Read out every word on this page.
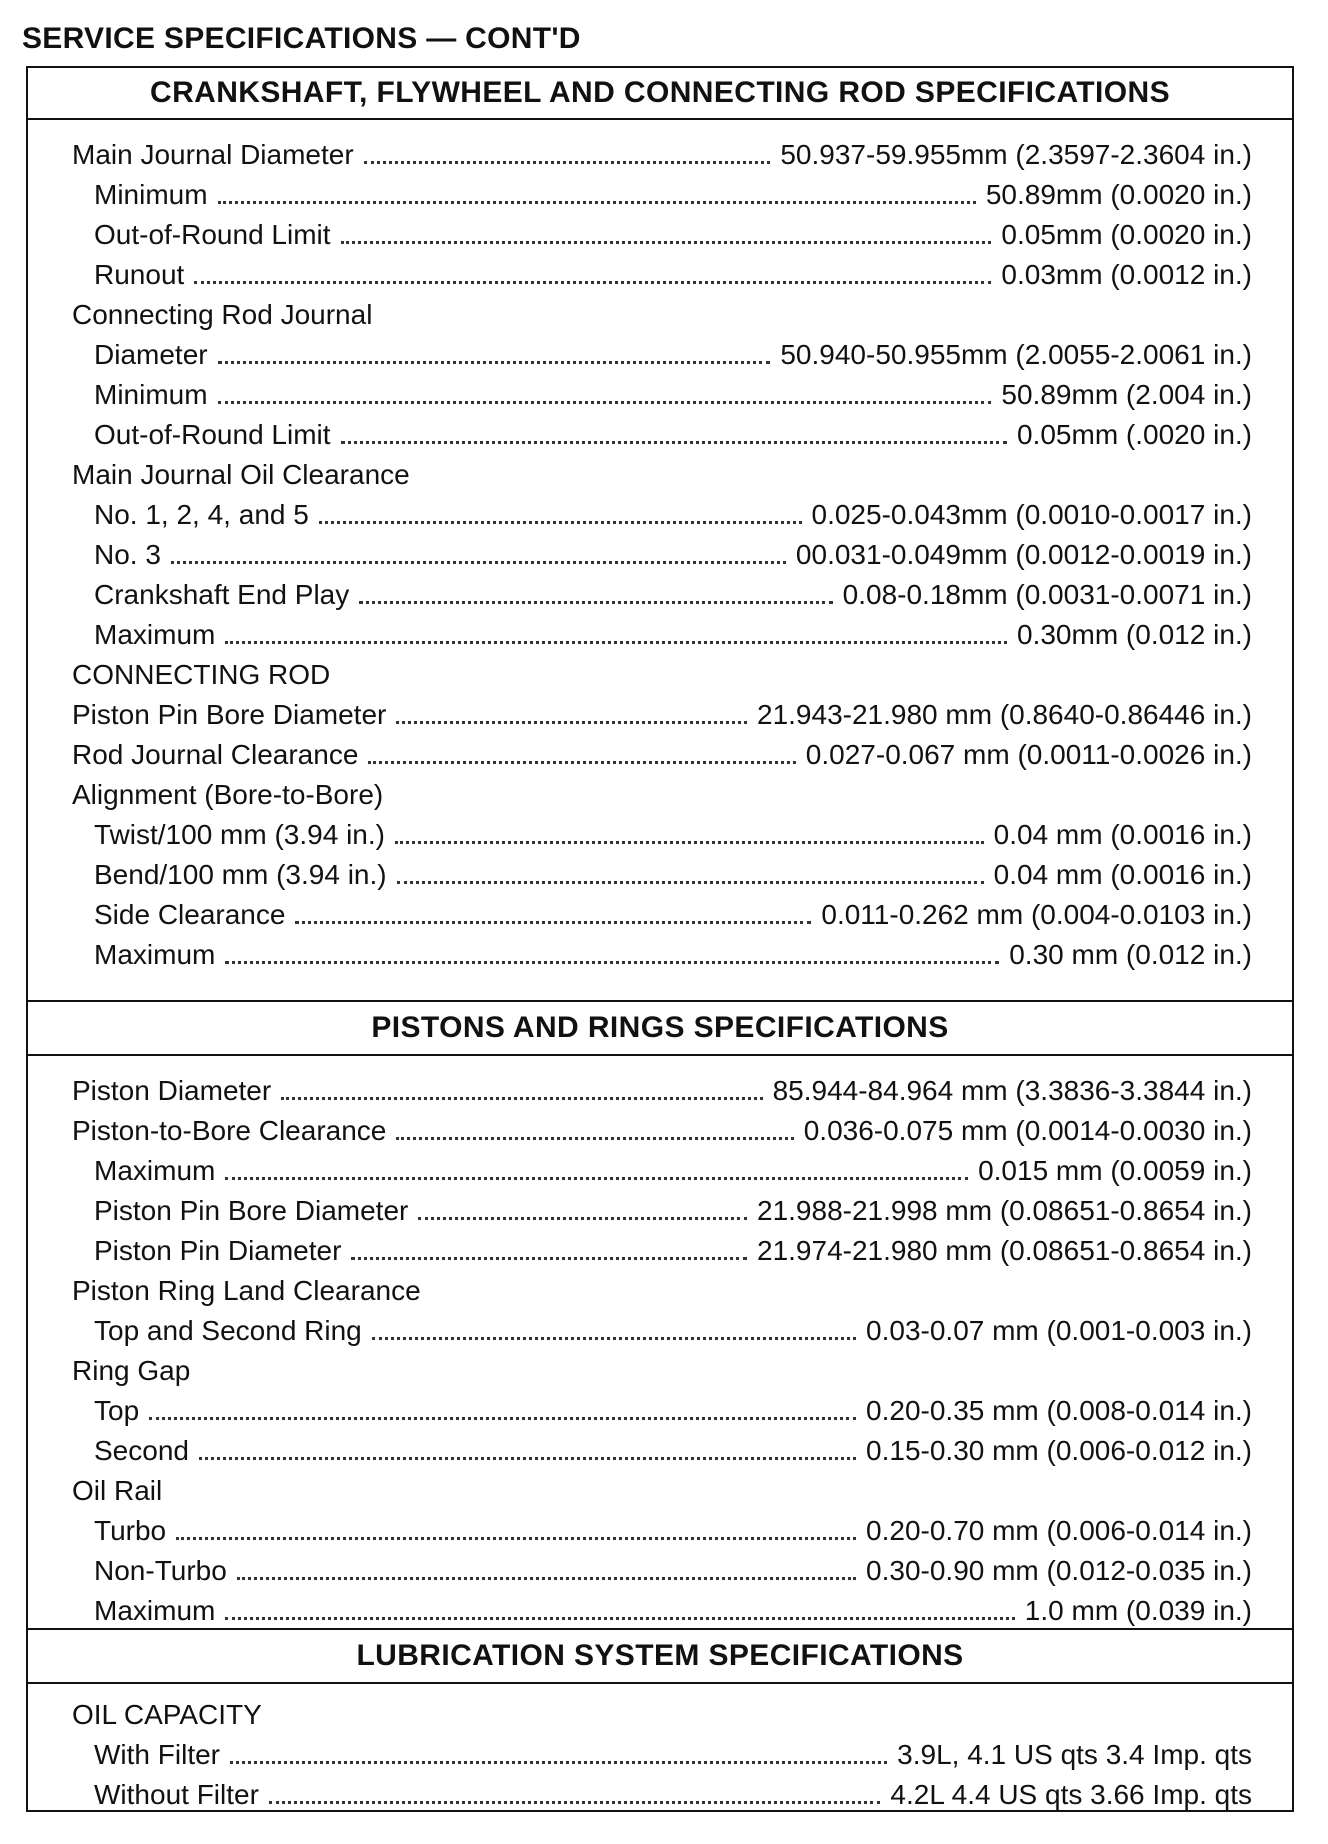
SERVICE SPECIFICATIONS — CONT'D
CRANKSHAFT, FLYWHEEL AND CONNECTING ROD SPECIFICATIONS
Main Journal Diameter	50.937-59.955mm (2.3597-2.3604 in.)
Minimum	50.89mm (0.0020 in.)
Out-of-Round Limit	0.05mm (0.0020 in.)
Runout	0.03mm (0.0012 in.)
Connecting Rod Journal
Diameter	50.940-50.955mm (2.0055-2.0061 in.)
Minimum	50.89mm (2.004 in.)
Out-of-Round Limit	0.05mm (.0020 in.)
Main Journal Oil Clearance
No. 1, 2, 4, and 5	0.025-0.043mm (0.0010-0.0017 in.)
No. 3	00.031-0.049mm (0.0012-0.0019 in.)
Crankshaft End Play	0.08-0.18mm (0.0031-0.0071 in.)
Maximum	0.30mm (0.012 in.)
CONNECTING ROD
Piston Pin Bore Diameter	21.943-21.980 mm (0.8640-0.86446 in.)
Rod Journal Clearance	0.027-0.067 mm (0.0011-0.0026 in.)
Alignment (Bore-to-Bore)
Twist/100 mm (3.94 in.)	0.04 mm (0.0016 in.)
Bend/100 mm (3.94 in.)	0.04 mm (0.0016 in.)
Side Clearance	0.011-0.262 mm (0.004-0.0103 in.)
Maximum	0.30 mm (0.012 in.)
PISTONS AND RINGS SPECIFICATIONS
Piston Diameter	85.944-84.964 mm (3.3836-3.3844 in.)
Piston-to-Bore Clearance	0.036-0.075 mm (0.0014-0.0030 in.)
Maximum	0.015 mm (0.0059 in.)
Piston Pin Bore Diameter	21.988-21.998 mm (0.08651-0.8654 in.)
Piston Pin Diameter	21.974-21.980 mm (0.08651-0.8654 in.)
Piston Ring Land Clearance
Top and Second Ring	0.03-0.07 mm (0.001-0.003 in.)
Ring Gap
Top	0.20-0.35 mm (0.008-0.014 in.)
Second	0.15-0.30 mm (0.006-0.012 in.)
Oil Rail
Turbo	0.20-0.70 mm (0.006-0.014 in.)
Non-Turbo	0.30-0.90 mm (0.012-0.035 in.)
Maximum	1.0 mm (0.039 in.)
LUBRICATION SYSTEM SPECIFICATIONS
OIL CAPACITY
With Filter	3.9L, 4.1 US qts 3.4 Imp. qts
Without Filter	4.2L 4.4 US qts 3.66 Imp. qts
